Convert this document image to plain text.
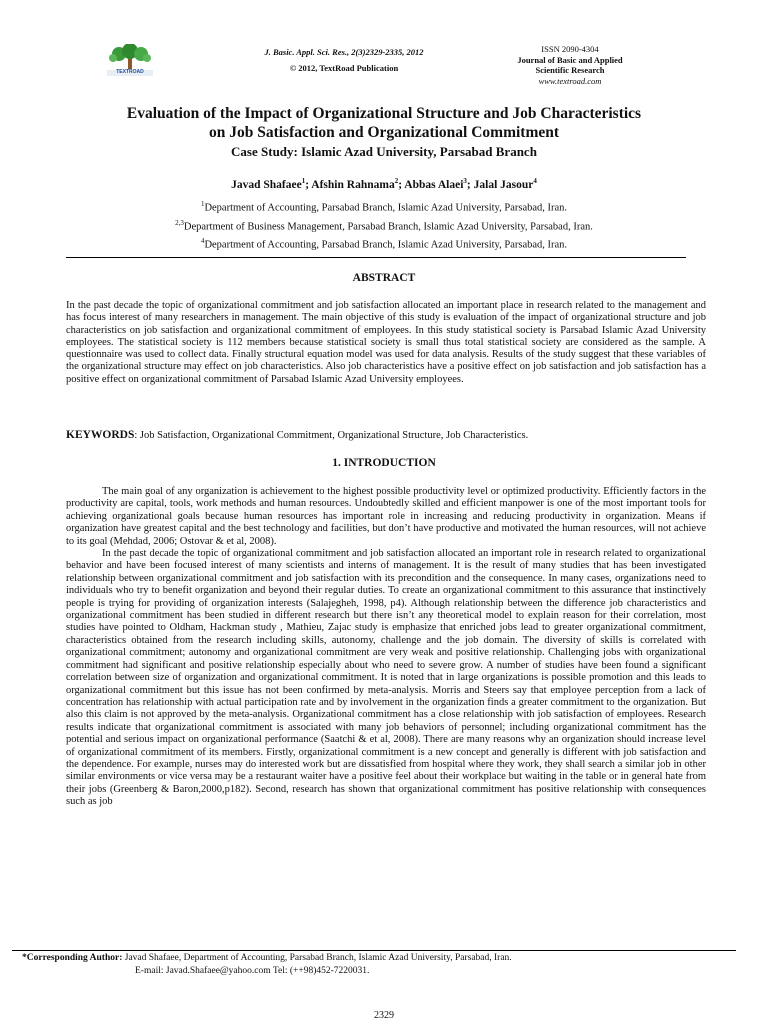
TEXTROAD
J. Basic. Appl. Sci. Res., 2(3)2329-2335, 2012
© 2012, TextRoad Publication
ISSN 2090-4304
Journal of Basic and Applied
Scientific Research
www.textroad.com
Evaluation of the Impact of Organizational Structure and Job Characteristics
on Job Satisfaction and Organizational Commitment
Case Study: Islamic Azad University, Parsabad Branch
Javad Shafaee$^1$; Afshin Rahnama$^2$; Abbas Alaei$^3$; Jalal Jasour$^4$
$^1$Department of Accounting, Parsabad Branch, Islamic Azad University, Parsabad, Iran.
$^{2,3}$Department of Business Management, Parsabad Branch, Islamic Azad University, Parsabad, Iran.
$^4$Department of Accounting, Parsabad Branch, Islamic Azad University, Parsabad, Iran.
ABSTRACT
In the past decade the topic of organizational commitment and job satisfaction allocated an important place in research related to the management and has focus interest of many researchers in management. The main objective of this study is evaluation of the impact of organizational structure and job characteristics on job satisfaction and organizational commitment of employees. In this study statistical society is Parsabad Islamic Azad University employees. The statistical society is 112 members because statistical society is small thus total statistical society are considered as the sample. A questionnaire was used to collect data. Finally structural equation model was used for data analysis. Results of the study suggest that these variables of the organizational structure may effect on job characteristics. Also job characteristics have a positive effect on job satisfaction and job satisfaction has a positive effect on organizational commitment of Parsabad Islamic Azad University employees.
KEYWORDS: Job Satisfaction, Organizational Commitment, Organizational Structure, Job Characteristics.
1. INTRODUCTION

The main goal of any organization is achievement to the highest possible productivity level or optimized productivity. Efficiently factors in the productivity are capital, tools, work methods and human resources. Undoubtedly skilled and efficient manpower is one of the most important tools for achieving organizational goals because human resources has important role in increasing and reducing productivity in organization. Means if organization have greatest capital and the best technology and facilities, but don’t have productive and motivated the human resources, will not achieve to its goal (Mehdad, 2006; Ostovar & et al, 2008).

In the past decade the topic of organizational commitment and job satisfaction allocated an important role in research related to organizational behavior and have been focused interest of many scientists and interns of management. It is the result of many studies that has been investigated relationship between organizational commitment and job satisfaction with its precondition and the consequence. In many cases, organizations need to individuals who try to benefit organization and beyond their regular duties. To create an organizational commitment to this assurance that instinctively people is trying for providing of organization interests (Salajegheh, 1998, p4). Although relationship between the difference job characteristics and organizational commitment has been studied in different research but there isn’t any theoretical model to explain reason for their correlation, most studies have pointed to Oldham, Hackman study , Mathieu, Zajac study is emphasize that enriched jobs lead to greater organizational commitment, characteristics obtained from the research including skills, autonomy, challenge and the job domain. The diversity of skills is correlated with organizational commitment; autonomy and organizational commitment are very weak and positive relationship. Challenging jobs with organizational commitment had significant and positive relationship especially about who need to severe grow. A number of studies have been found a significant correlation between size of organization and organizational commitment. It is noted that in large organizations is possible promotion and this leads to organizational commitment but this issue has not been confirmed by meta-analysis. Morris and Steers say that employee perception from a lack of concentration has relationship with actual participation rate and by involvement in the organization finds a greater commitment to the organization. But also this claim is not approved by the meta-analysis. Organizational commitment has a close relationship with job satisfaction of employees. Research results indicate that organizational commitment is associated with many job behaviors of personnel; including organizational commitment has the potential and serious impact on organizational performance (Saatchi & et al, 2008). There are many reasons why an organization should increase level of organizational commitment of its members. Firstly, organizational commitment is a new concept and generally is different with job satisfaction and the dependence. For example, nurses may do interested work but are dissatisfied from hospital where they work, they shall search a similar job in other similar environments or vice versa may be a restaurant waiter have a positive feel about their workplace but waiting in the table or in general hate from their jobs (Greenberg & Baron,2000,p182). Second, research has shown that organizational commitment has positive relationship with consequences such as job

*Corresponding Author: Javad Shafaee, Department of Accounting, Parsabad Branch, Islamic Azad University, Parsabad, Iran.
E-mail: Javad.Shafaee@yahoo.com Tel: (++98)452-7220031.
2329
